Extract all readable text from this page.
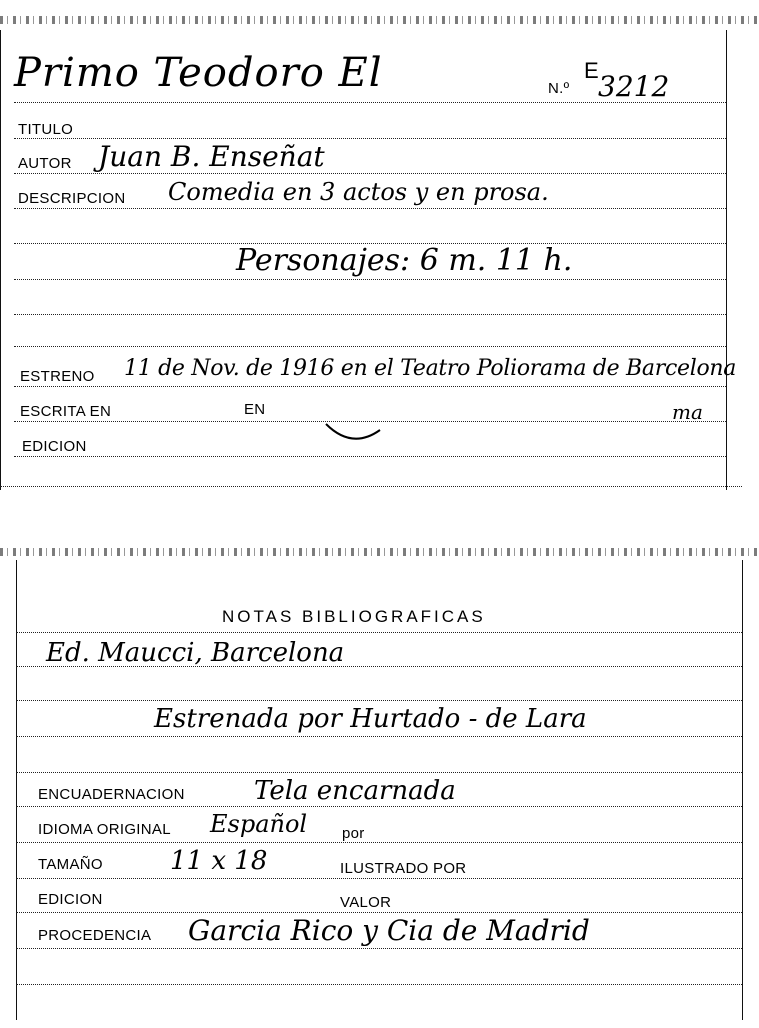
Primo Teodoro El	N.º
E 3212
TITULO
AUTOR Juan B. Enseñat
DESCRIPCION Comedia en 3 actos y en prosa.
Personajes: 6 m. 11 h.
ESTRENO 11 de Nov. de 1916 en el Teatro Poliorama de Barcelona
ESCRITA EN	EN	ma
EDICION
NOTAS BIBLIOGRAFICAS
Ed. Maucci, Barcelona
Estrenada por Hurtado - de Lara
ENCUADERNACION	Tela encarnada
IDIOMA ORIGINAL Español por
TAMAÑO	11 x 18	ILUSTRADO POR
EDICION	VALOR
PROCEDENCIA Garcia Rico y Cia de Madrid
